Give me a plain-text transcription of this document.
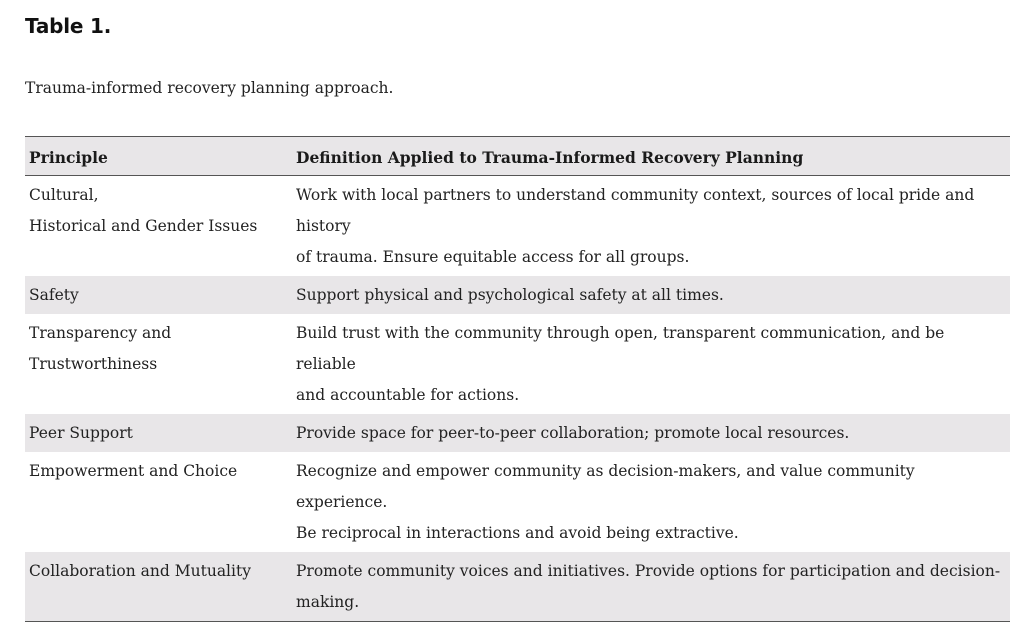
Table 1.

Trauma-informed recovery planning approach.

Principle	Definition Applied to Trauma-Informed Recovery Planning

Cultural,
Historical and Gender Issues	Work with local partners to understand community context, sources of local pride and history
of trauma. Ensure equitable access for all groups.

Safety	Support physical and psychological safety at all times.

Transparency and Trustworthiness	Build trust with the community through open, transparent communication, and be reliable
and accountable for actions.

Peer Support	Provide space for peer-to-peer collaboration; promote local resources.

Empowerment and Choice	Recognize and empower community as decision-makers, and value community experience.
Be reciprocal in interactions and avoid being extractive.

Collaboration and Mutuality	Promote community voices and initiatives. Provide options for participation and decision-
making.
